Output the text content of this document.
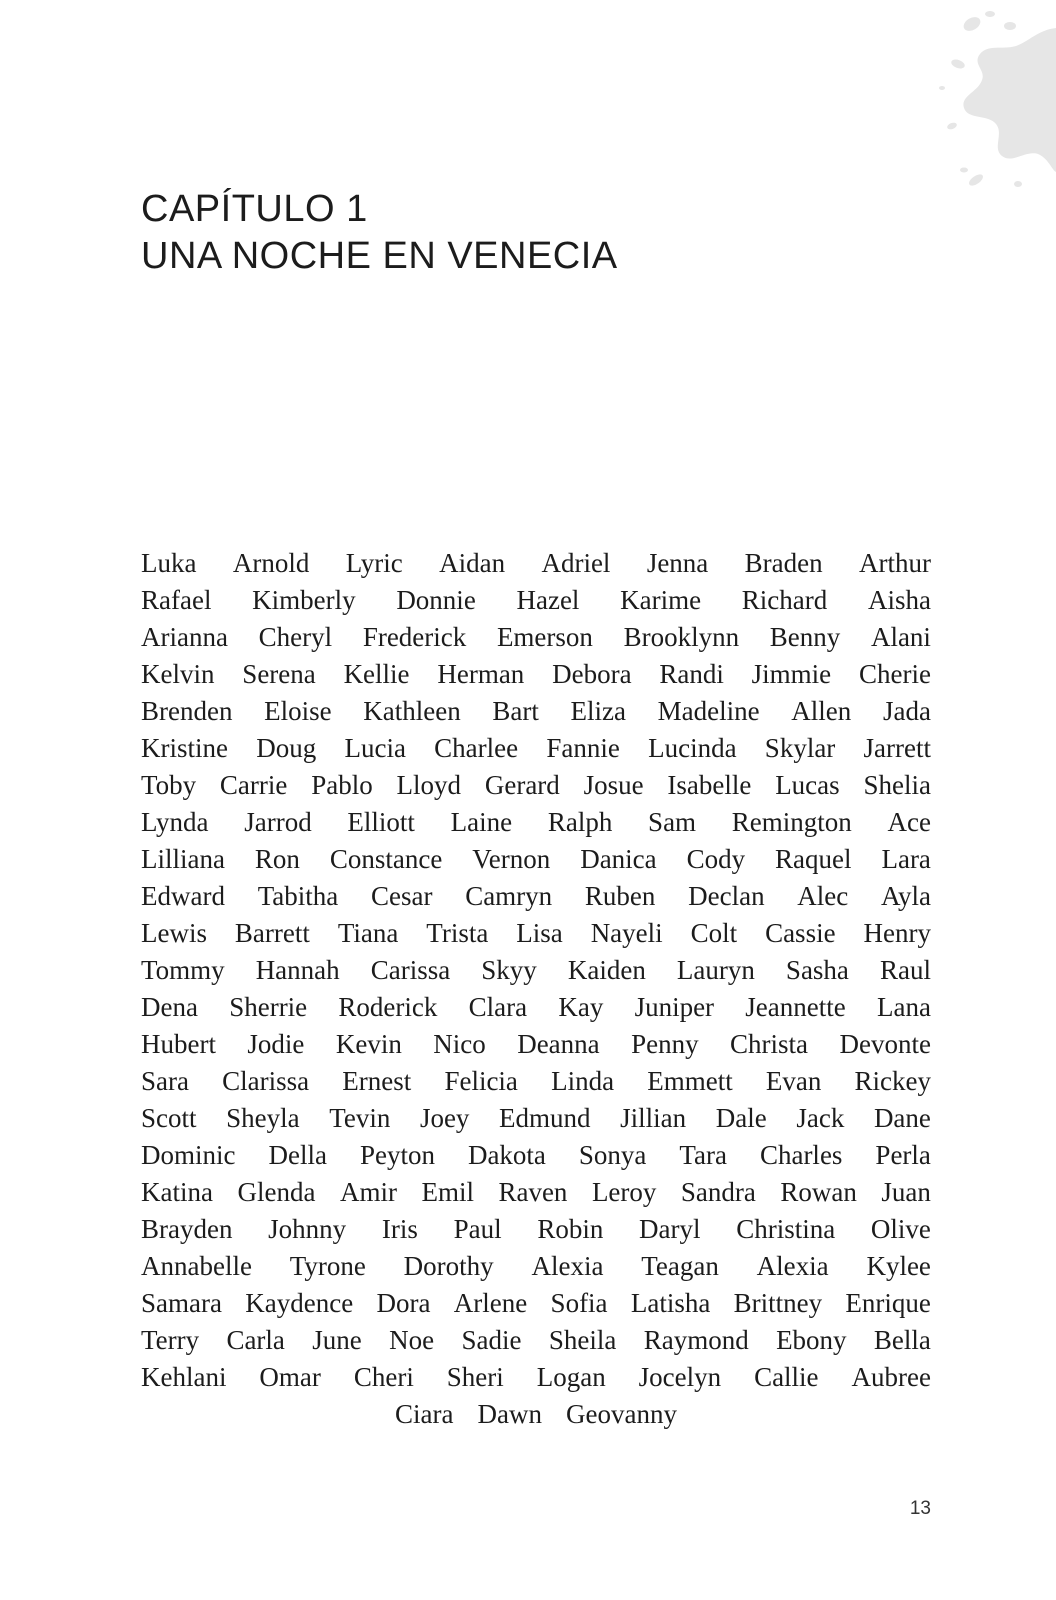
CAPÍTULO 1
UNA NOCHE EN VENECIA
Luka Arnold Lyric Aidan Adriel Jenna Braden Arthur
Rafael Kimberly Donnie Hazel Karime Richard Aisha
Arianna Cheryl Frederick Emerson Brooklynn Benny Alani
Kelvin Serena Kellie Herman Debora Randi Jimmie Cherie
Brenden Eloise Kathleen Bart Eliza Madeline Allen Jada
Kristine Doug Lucia Charlee Fannie Lucinda Skylar Jarrett
Toby Carrie Pablo Lloyd Gerard Josue Isabelle Lucas Shelia
Lynda Jarrod Elliott Laine Ralph Sam Remington Ace
Lilliana Ron Constance Vernon Danica Cody Raquel Lara
Edward Tabitha Cesar Camryn Ruben Declan Alec Ayla
Lewis Barrett Tiana Trista Lisa Nayeli Colt Cassie Henry
Tommy Hannah Carissa Skyy Kaiden Lauryn Sasha Raul
Dena Sherrie Roderick Clara Kay Juniper Jeannette Lana
Hubert Jodie Kevin Nico Deanna Penny Christa Devonte
Sara Clarissa Ernest Felicia Linda Emmett Evan Rickey
Scott Sheyla Tevin Joey Edmund Jillian Dale Jack Dane
Dominic Della Peyton Dakota Sonya Tara Charles Perla
Katina Glenda Amir Emil Raven Leroy Sandra Rowan Juan
Brayden Johnny Iris Paul Robin Daryl Christina Olive
Annabelle Tyrone Dorothy Alexia Teagan Alexia Kylee
Samara Kaydence Dora Arlene Sofia Latisha Brittney Enrique
Terry Carla June Noe Sadie Sheila Raymond Ebony Bella
Kehlani Omar Cheri Sheri Logan Jocelyn Callie Aubree
Ciara Dawn Geovanny
13
